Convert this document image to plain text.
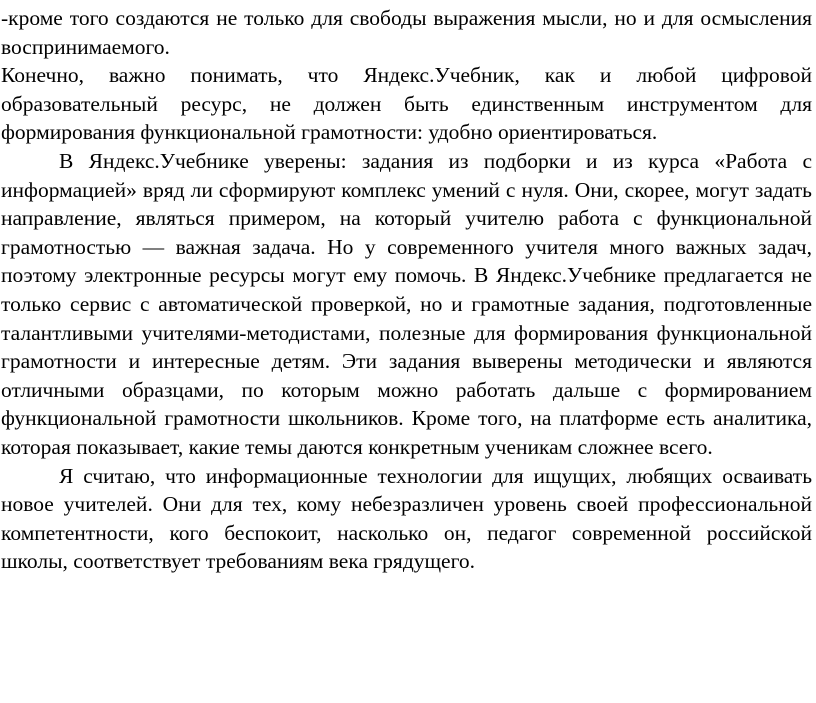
-кроме того создаются не только для свободы выражения мысли, но и для осмысления воспринимаемого.

Конечно, важно понимать, что Яндекс.Учебник, как и любой цифровой образовательный ресурс, не должен быть единственным инструментом для формирования функциональной грамотности: удобно ориентироваться.

В Яндекс.Учебнике уверены: задания из подборки и из курса «Работа с информацией» вряд ли сформируют комплекс умений с нуля. Они, скорее, могут задать направление, являться примером, на который учителю работа с функциональной грамотностью — важная задача. Но у современного учителя много важных задач, поэтому электронные ресурсы могут ему помочь. В Яндекс.Учебнике предлагается не только сервис с автоматической проверкой, но и грамотные задания, подготовленные талантливыми учителями-методистами, полезные для формирования функциональной грамотности и интересные детям. Эти задания выверены методически и являются отличными образцами, по которым можно работать дальше с формированием функциональной грамотности школьников. Кроме того, на платформе есть аналитика, которая показывает, какие темы даются конкретным ученикам сложнее всего.

Я считаю, что информационные технологии для ищущих, любящих осваивать новое учителей. Они для тех, кому небезразличен уровень своей профессиональной компетентности, кого беспокоит, насколько он, педагог современной российской школы, соответствует требованиям века грядущего.
